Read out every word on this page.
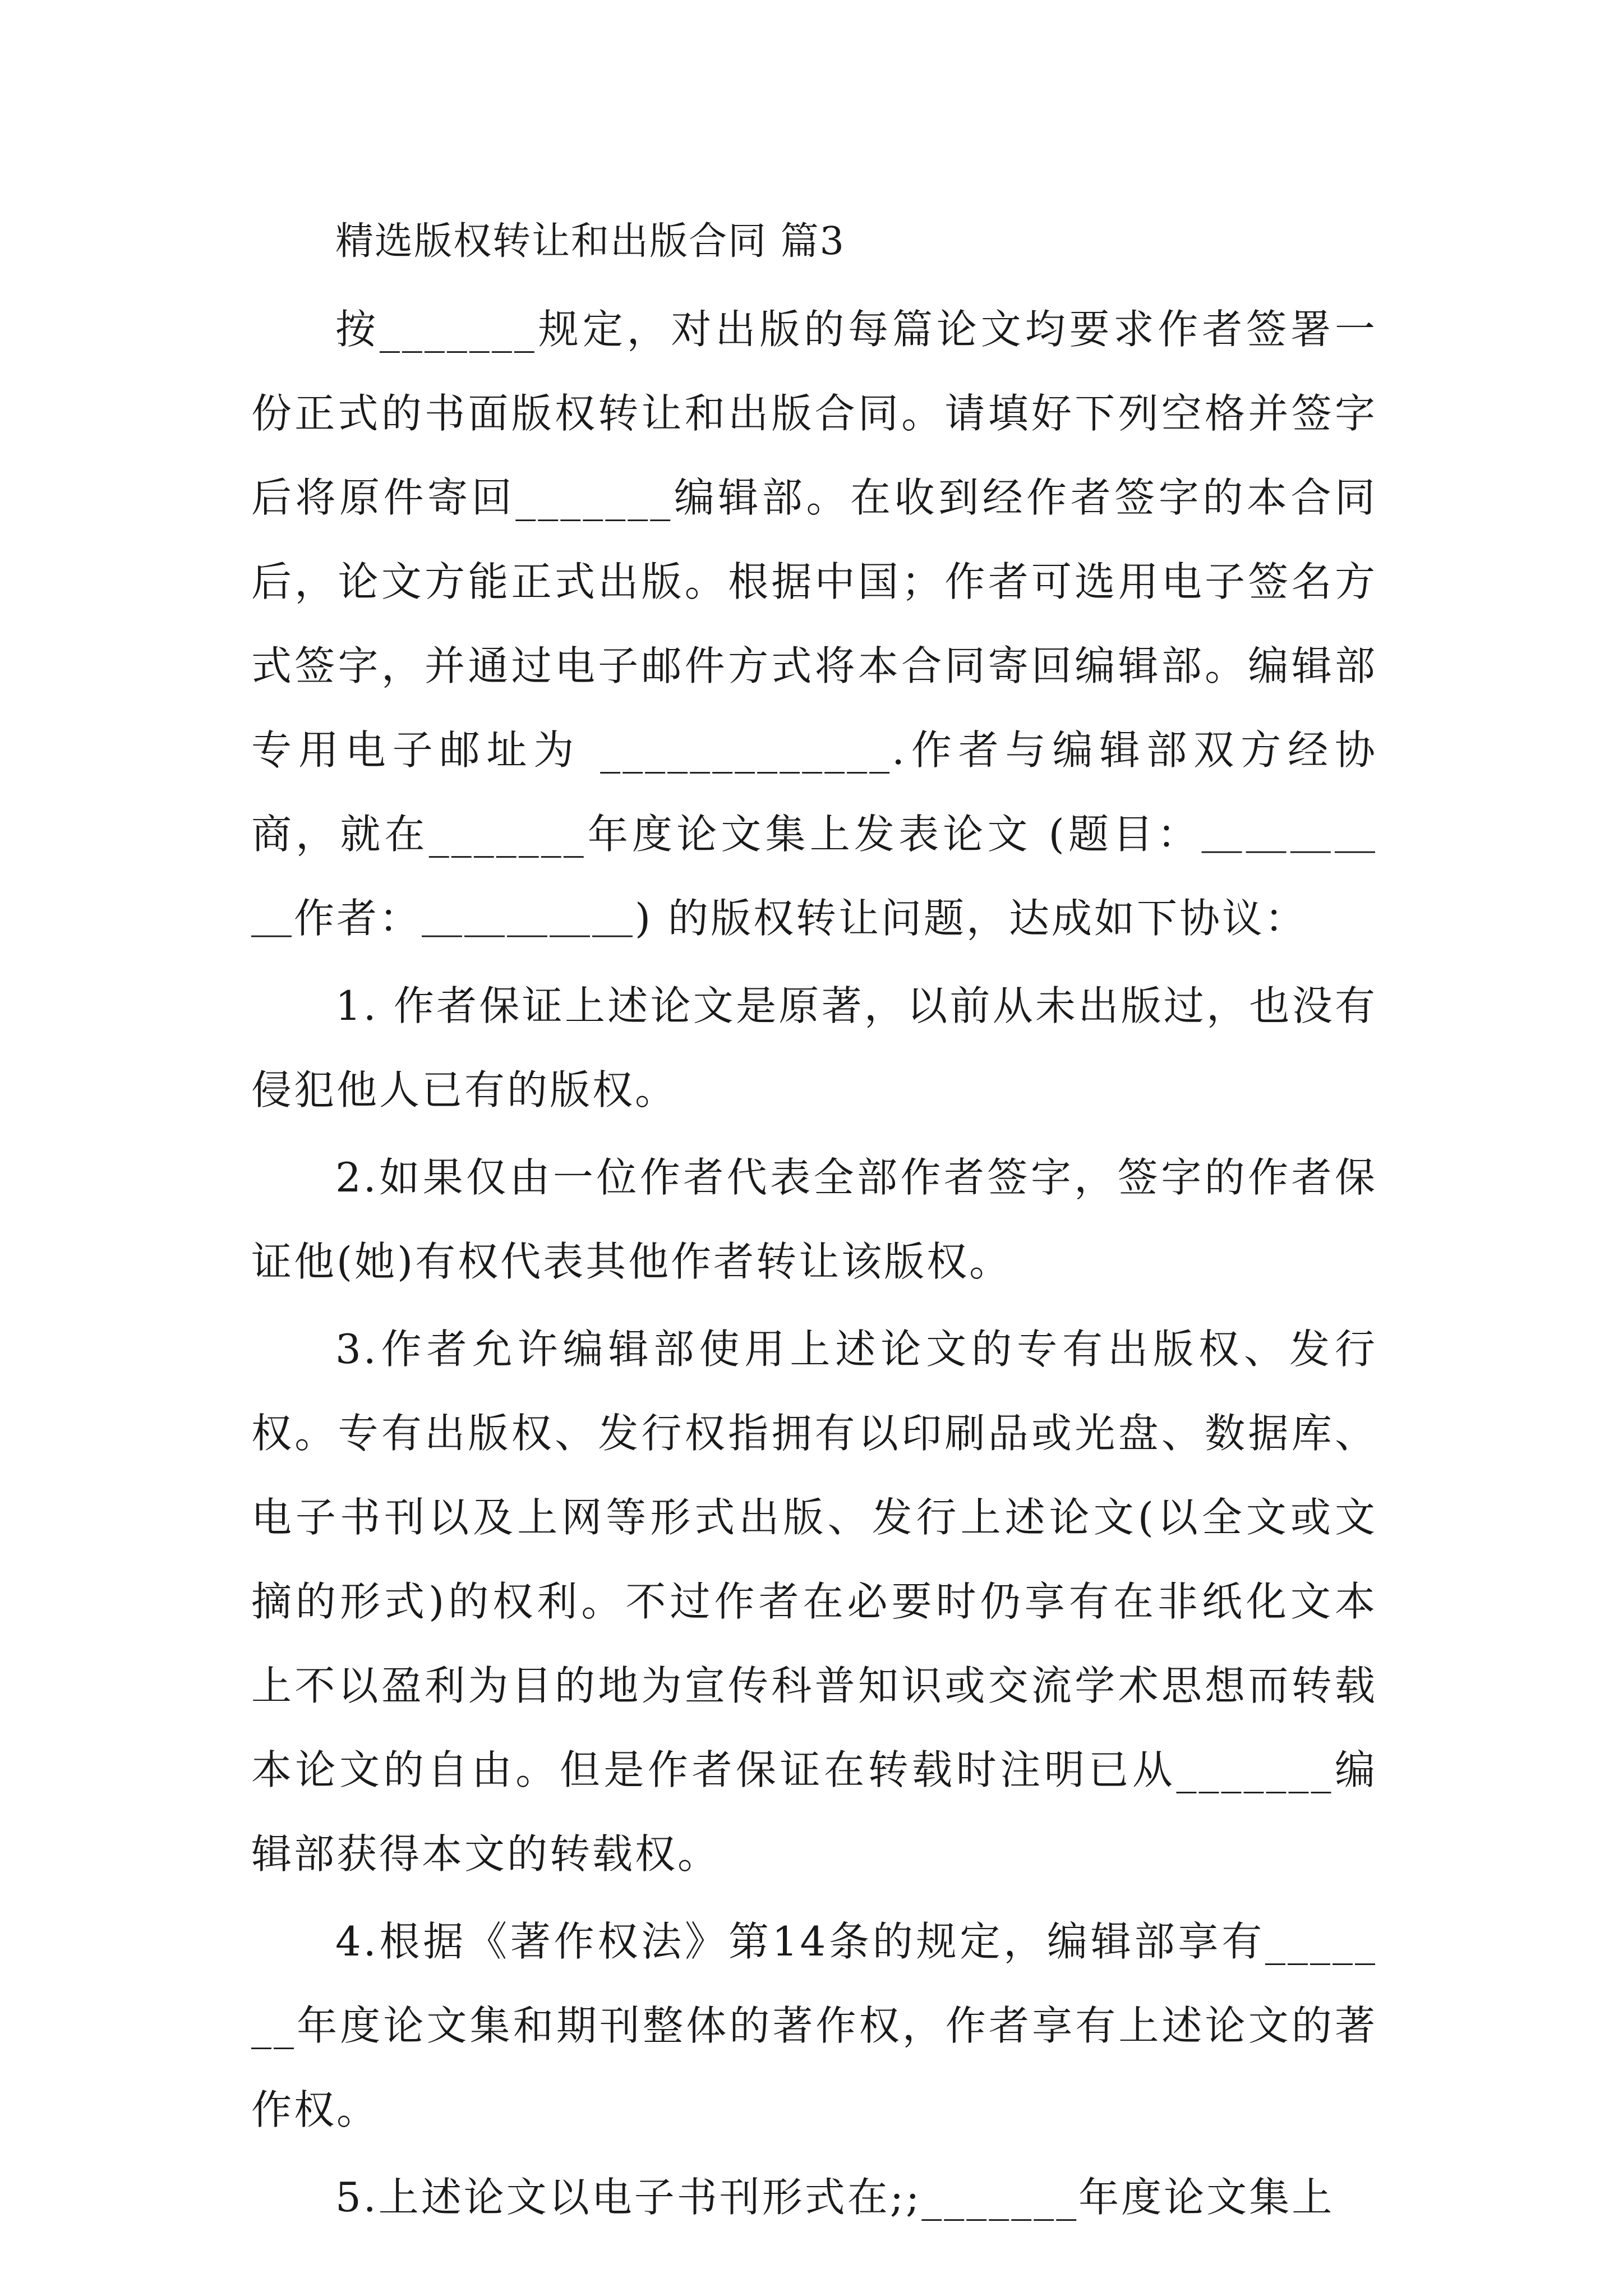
精选版权转让和出版合同 篇3

按_______规定，对出版的每篇论文均要求作者签署一份正式的书面版权转让和出版合同。请填好下列空格并签字后将原件寄回_______编辑部。在收到经作者签字的本合同后，论文方能正式出版。根据中国；作者可选用电子签名方式签字，并通过电子邮件方式将本合同寄回编辑部。编辑部专用电子邮址为 _____________.作者与编辑部双方经协商，就在_______年度论文集上发表论文 (题目：＿＿＿＿＿作者：＿＿＿＿＿) 的版权转让问题，达成如下协议：

1. 作者保证上述论文是原著，以前从未出版过，也没有侵犯他人已有的版权。

2.如果仅由一位作者代表全部作者签字，签字的作者保证他(她)有权代表其他作者转让该版权。

3.作者允许编辑部使用上述论文的专有出版权、发行权。专有出版权、发行权指拥有以印刷品或光盘、数据库、电子书刊以及上网等形式出版、发行上述论文(以全文或文摘的形式)的权利。不过作者在必要时仍享有在非纸化文本上不以盈利为目的地为宣传科普知识或交流学术思想而转载本论文的自由。但是作者保证在转载时注明已从_______编辑部获得本文的转载权。

4.根据《著作权法》第14条的规定，编辑部享有_______年度论文集和期刊整体的著作权，作者享有上述论文的著作权。

5.上述论文以电子书刊形式在;;_______年度论文集上
